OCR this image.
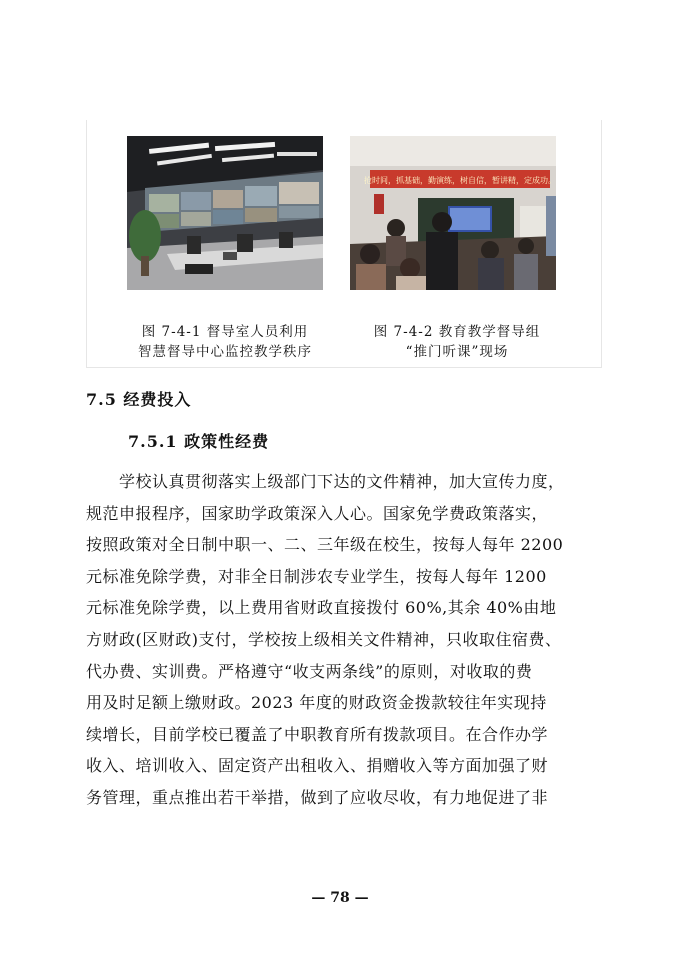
抢时间，抓基础，勤演练，树自信，暂讲精，定成功。
图 7-4-1 督导室人员利用
智慧督导中心监控教学秩序
图 7-4-2 教育教学督导组
“推门听课”现场
7.5 经费投入
7.5.1 政策性经费
学校认真贯彻落实上级部门下达的文件精神，加大宣传力度，
规范申报程序，国家助学政策深入人心。国家免学费政策落实，
按照政策对全日制中职一、二、三年级在校生，按每人每年 2200
元标准免除学费，对非全日制涉农专业学生，按每人每年 1200
元标准免除学费，以上费用省财政直接拨付 60%,其余 40%由地
方财政(区财政)支付，学校按上级相关文件精神，只收取住宿费、
代办费、实训费。严格遵守“收支两条线”的原则，对收取的费
用及时足额上缴财政。2023 年度的财政资金拨款较往年实现持
续增长，目前学校已覆盖了中职教育所有拨款项目。在合作办学
收入、培训收入、固定资产出租收入、捐赠收入等方面加强了财
务管理，重点推出若干举措，做到了应收尽收，有力地促进了非
— 78 —
